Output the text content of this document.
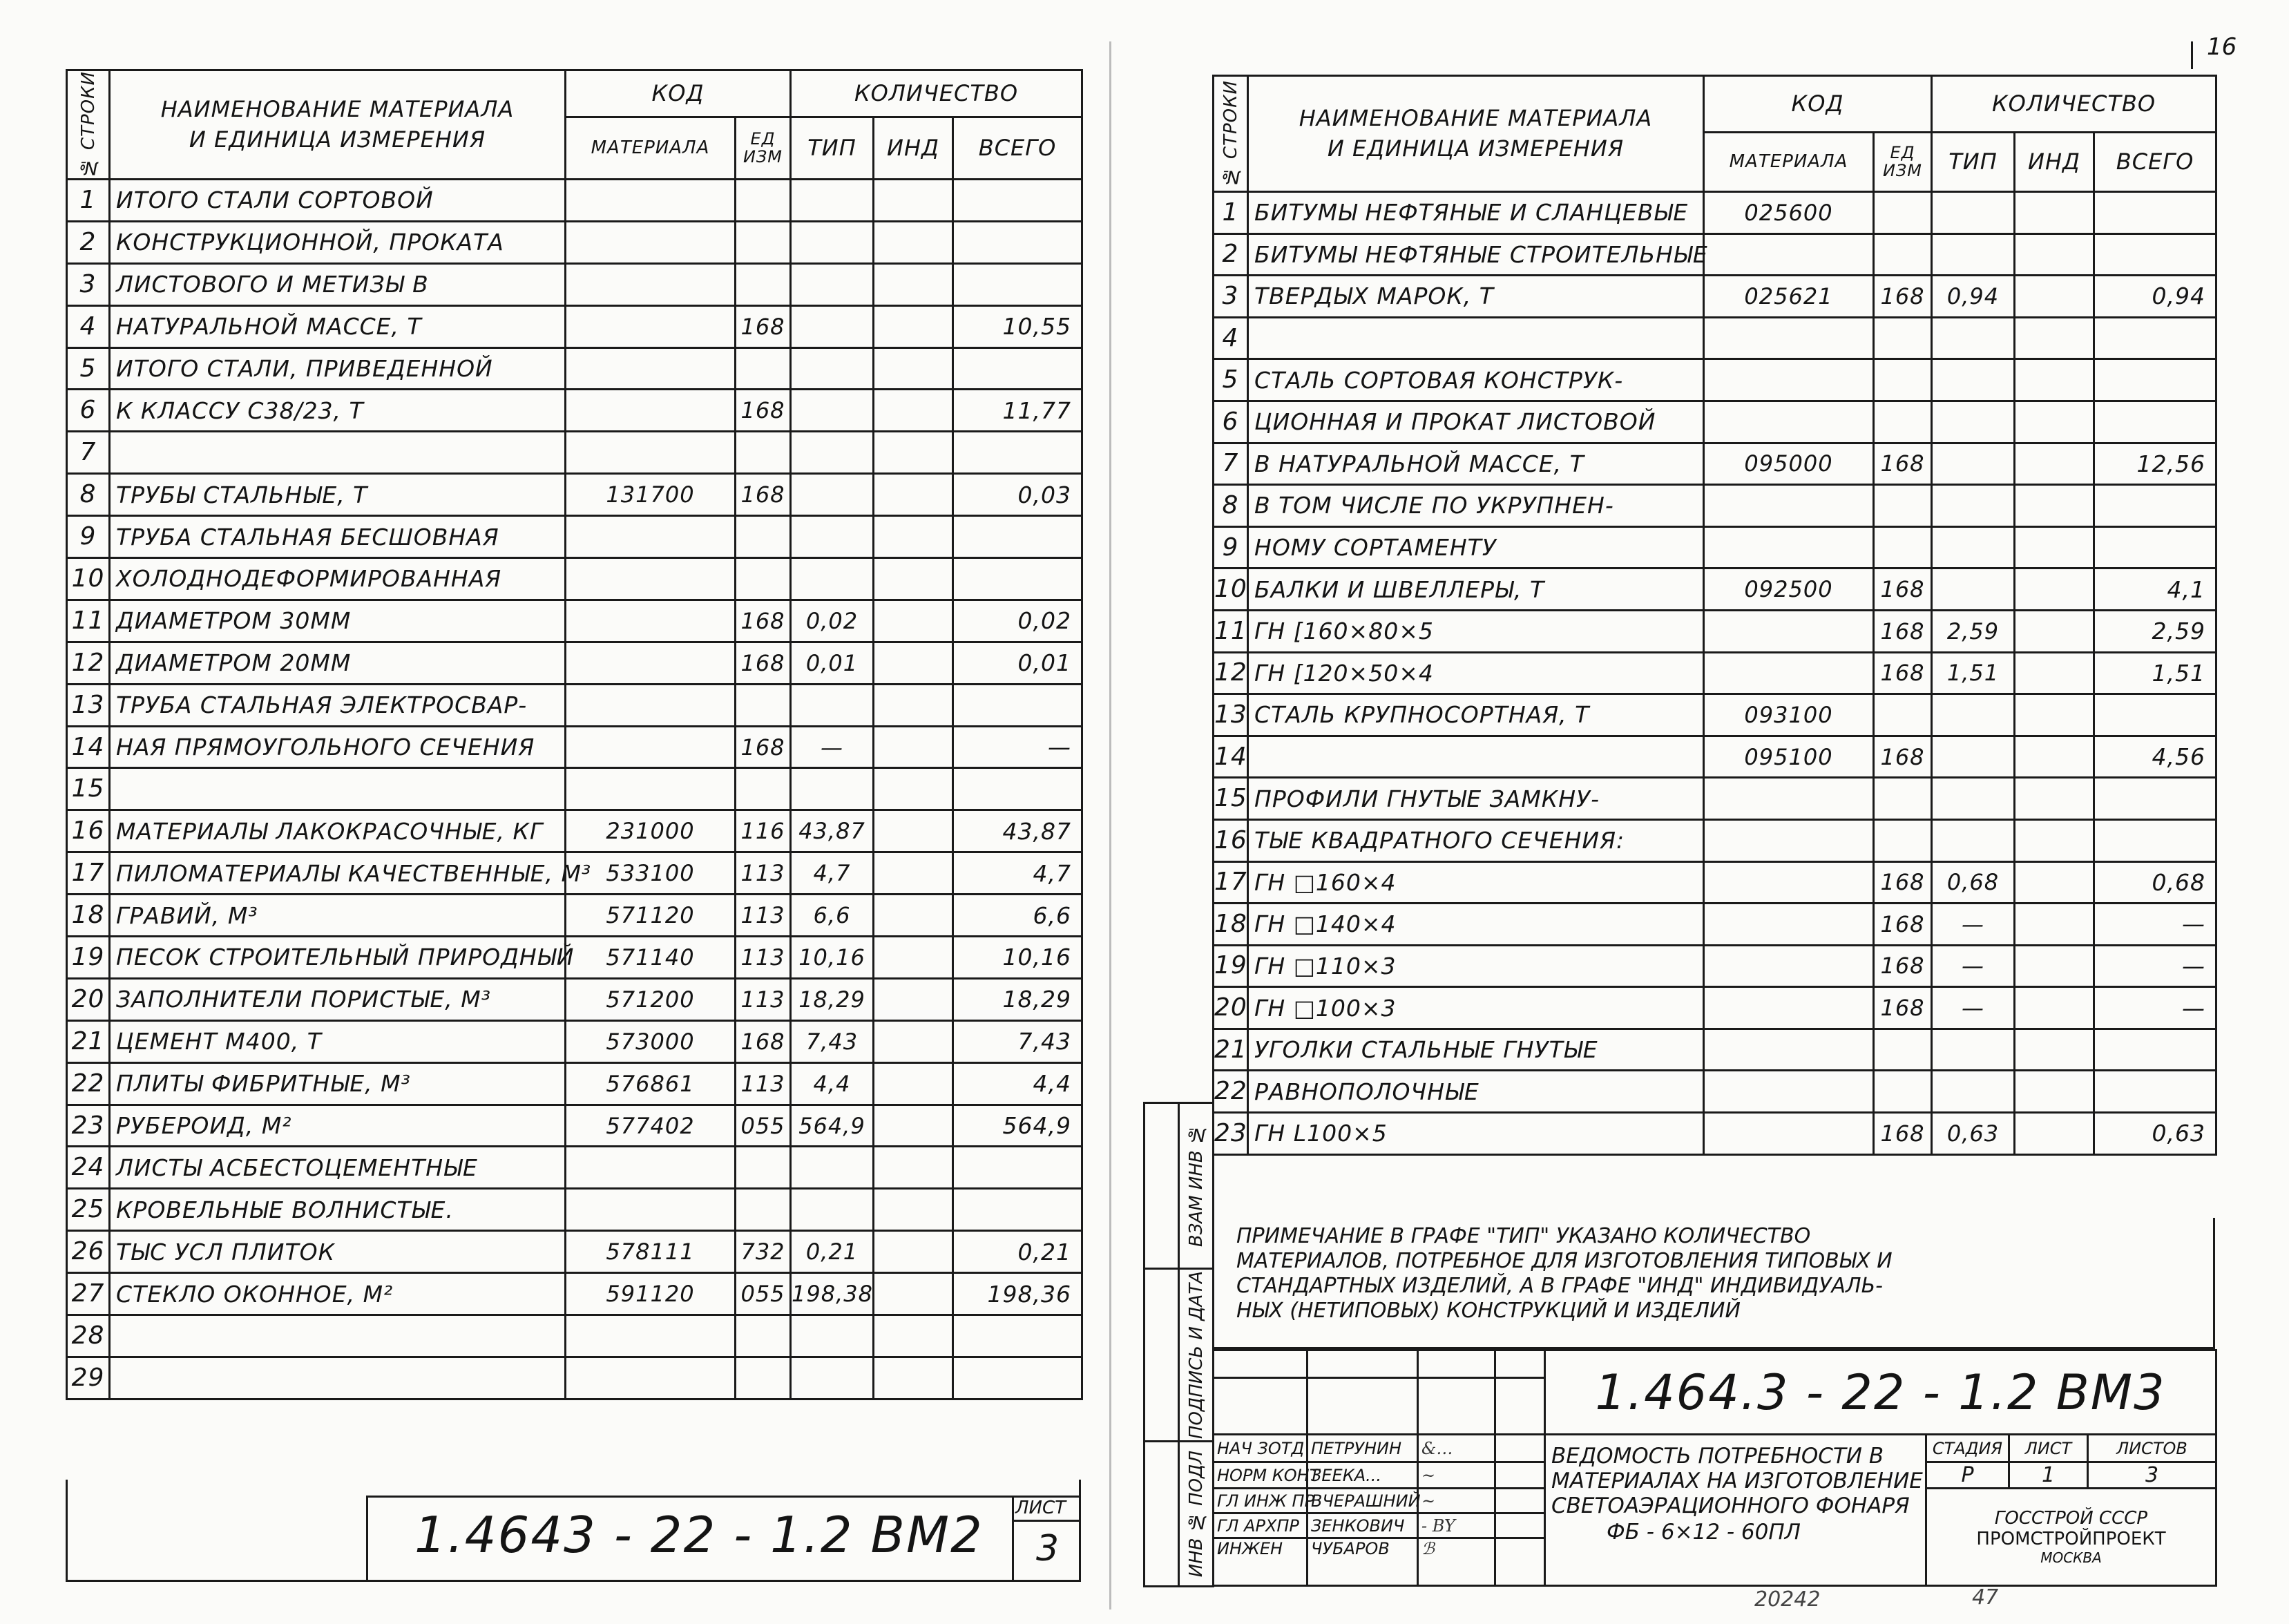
№ СТРОКИ	НАИМЕНОВАНИЕ МАТЕРИАЛА
И ЕДИНИЦА ИЗМЕРЕНИЯ	КОД		КОЛИЧЕСТВО		
		МАТЕРИАЛА	ЕД
ИЗМ	ТИП	ИНД	ВСЕГО
1	ИТОГО СТАЛИ СОРТОВОЙ					
2	КОНСТРУКЦИОННОЙ, ПРОКАТА					
3	ЛИСТОВОГО И МЕТИЗЫ В					
4	НАТУРАЛЬНОЙ МАССЕ, Т		168			10,55
5	ИТОГО СТАЛИ, ПРИВЕДЕННОЙ					
6	К КЛАССУ С38/23, Т		168			11,77
7						
8	ТРУБЫ СТАЛЬНЫЕ, Т	131700	168			0,03
9	ТРУБА СТАЛЬНАЯ БЕСШОВНАЯ					
10	ХОЛОДНОДЕФОРМИРОВАННАЯ					
11	ДИАМЕТРОМ 30ММ		168	0,02		0,02
12	ДИАМЕТРОМ 20ММ		168	0,01		0,01
13	ТРУБА СТАЛЬНАЯ ЭЛЕКТРОСВАР-					
14	НАЯ ПРЯМОУГОЛЬНОГО СЕЧЕНИЯ		168	—		—
15						
16	МАТЕРИАЛЫ ЛАКОКРАСОЧНЫЕ, КГ	231000	116	43,87		43,87
17	ПИЛОМАТЕРИАЛЫ КАЧЕСТВЕННЫЕ, М³	533100	113	4,7		4,7
18	ГРАВИЙ, М³	571120	113	6,6		6,6
19	ПЕСОК СТРОИТЕЛЬНЫЙ ПРИРОДНЫЙ	571140	113	10,16		10,16
20	ЗАПОЛНИТЕЛИ ПОРИСТЫЕ, М³	571200	113	18,29		18,29
21	ЦЕМЕНТ М400, Т	573000	168	7,43		7,43
22	ПЛИТЫ ФИБРИТНЫЕ, М³	576861	113	4,4		4,4
23	РУБЕРОИД, М²	577402	055	564,9		564,9
24	ЛИСТЫ АСБЕСТОЦЕМЕНТНЫЕ					
25	КРОВЕЛЬНЫЕ ВОЛНИСТЫЕ.					
26	ТЫС УСЛ ПЛИТОК	578111	732	0,21		0,21
27	СТЕКЛО ОКОННОЕ, М²	591120	055	198,38		198,36
28						
29						
1.4643 - 22 - 1.2 ВМ2 ЛИСТ
3
16
№ СТРОКИ	НАИМЕНОВАНИЕ МАТЕРИАЛА
И ЕДИНИЦА ИЗМЕРЕНИЯ	КОД		КОЛИЧЕСТВО		
		МАТЕРИАЛА	ЕД
ИЗМ	ТИП	ИНД	ВСЕГО
1	БИТУМЫ НЕФТЯНЫЕ И СЛАНЦЕВЫЕ	025600				
2	БИТУМЫ НЕФТЯНЫЕ СТРОИТЕЛЬНЫЕ					
3	ТВЕРДЫХ МАРОК, Т	025621	168	0,94		0,94
4						
5	СТАЛЬ СОРТОВАЯ КОНСТРУК-					
6	ЦИОННАЯ И ПРОКАТ ЛИСТОВОЙ					
7	В НАТУРАЛЬНОЙ МАССЕ, Т	095000	168			12,56
8	В ТОМ ЧИСЛЕ ПО УКРУПНЕН-					
9	НОМУ СОРТАМЕНТУ					
10	БАЛКИ И ШВЕЛЛЕРЫ, Т	092500	168			4,1
11	ГН [160×80×5		168	2,59		2,59
12	ГН [120×50×4		168	1,51		1,51
13	СТАЛЬ КРУПНОСОРТНАЯ, Т	093100				
14		095100	168			4,56
15	ПРОФИЛИ ГНУТЫЕ ЗАМКНУ-					
16	ТЫЕ КВАДРАТНОГО СЕЧЕНИЯ:					
17	ГН □160×4		168	0,68		0,68
18	ГН □140×4		168	—		—
19	ГН □110×3		168	—		—
20	ГН □100×3		168	—		—
21	УГОЛКИ СТАЛЬНЫЕ ГНУТЫЕ					
22	РАВНОПОЛОЧНЫЕ					
23	ГН L100×5		168	0,63		0,63
ПРИМЕЧАНИЕ В ГРАФЕ "ТИП" УКАЗАНО КОЛИЧЕСТВО
МАТЕРИАЛОВ, ПОТРЕБНОЕ ДЛЯ ИЗГОТОВЛЕНИЯ ТИПОВЫХ И
СТАНДАРТНЫХ ИЗДЕЛИЙ, А В ГРАФЕ "ИНД" ИНДИВИДУАЛЬ-
НЫХ (НЕТИПОВЫХ) КОНСТРУКЦИЙ И ИЗДЕЛИЙ

	ВЗАМ ИНВ №

	ПОДПИСЬ И ДАТА

	ИНВ № ПОДЛ
				1.464.3 - 22 - 1.2 ВМ3			

НАЧ ЗОТД	ПЕТРУНИН	&…		ВЕДОМОСТЬ ПОТРЕБНОСТИ В
МАТЕРИАЛАХ НА ИЗГОТОВЛЕНИЕ
СВЕТОАЭРАЦИОННОГО ФОНАРЯ
ФБ - 6×12 - 60ПЛ	СТАДИЯ	ЛИСТ	ЛИСТОВ
НОРМ КОНТ	ЗЕЕКА...	~			Р	1	3
ГЛ ИНЖ ПР	ВЧЕРАШНИЙ	~			ГОССТРОЙ СССР
ПРОМСТРОЙПРОЕКТ
МОСКВА		

ГЛ АРХПР	ЗЕНКОВИЧ	- BY					
ИНЖЕН	ЧУБАРОВ	ℬ					
20242	47
